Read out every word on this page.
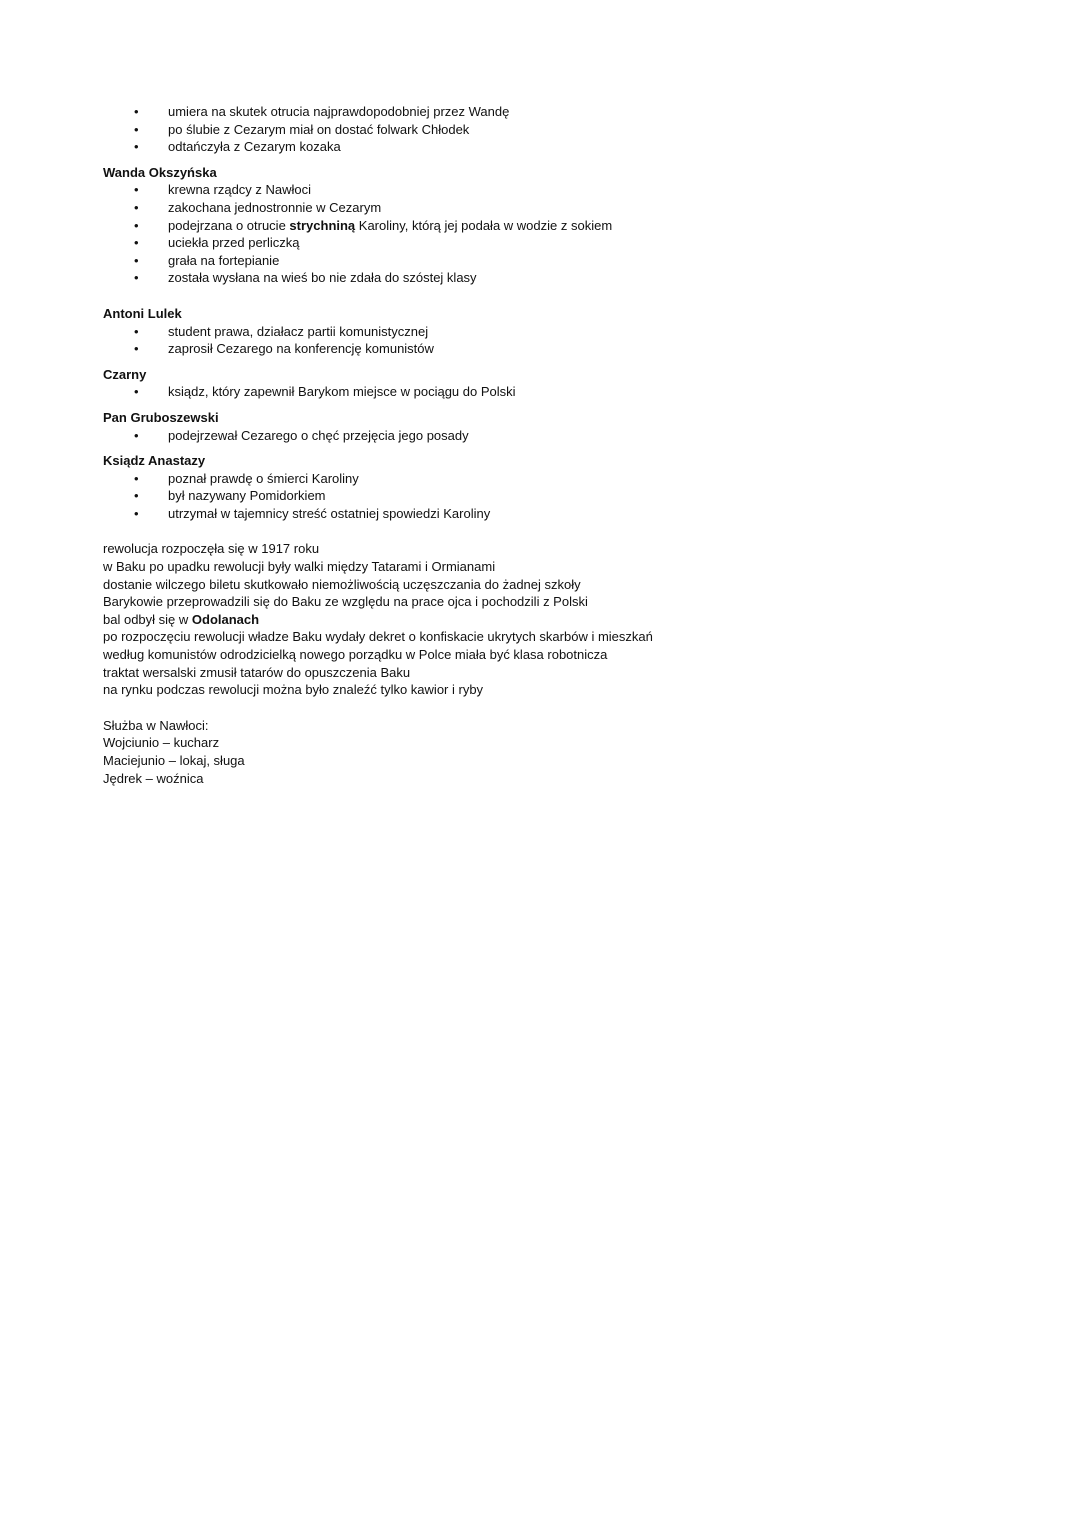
• umiera na skutek otrucia najprawdopodobniej przez Wandę
• po ślubie z Cezarym miał on dostać folwark Chłodek
• odtańczyła z Cezarym kozaka
Wanda Okszyńska
• krewna rządcy z Nawłoci
• zakochana jednostronnie w Cezarym
• podejrzana o otrucie strychniną Karoliny, którą jej podała w wodzie z sokiem
• uciekła przed perliczką
• grała na fortepianie
• została wysłana na wieś bo nie zdała do szóstej klasy
Antoni Lulek
• student prawa, działacz partii komunistycznej
• zaprosił Cezarego na konferencję komunistów
Czarny
• ksiądz, który zapewnił Barykom miejsce w pociągu do Polski
Pan Gruboszewski
• podejrzewał Cezarego o chęć przejęcia jego posady
Ksiądz Anastazy
• poznał prawdę o śmierci Karoliny
• był nazywany Pomidorkiem
• utrzymał w tajemnicy streść ostatniej spowiedzi Karoliny
rewolucja rozpoczęła się w 1917 roku
w Baku po upadku rewolucji były walki między Tatarami i Ormianami
dostanie wilczego biletu skutkowało niemożliwością uczęszczania do żadnej szkoły
Barykowie przeprowadzili się do Baku ze względu na prace ojca i pochodzili z Polski
bal odbył się w Odolanach
po rozpoczęciu rewolucji władze Baku wydały dekret o konfiskacie ukrytych skarbów i mieszkań
według komunistów odrodzicielką nowego porządku w Polce miała być klasa robotnicza
traktat wersalski zmusił tatarów do opuszczenia Baku
na rynku podczas rewolucji można było znaleźć tylko kawior i ryby
Służba w Nawłoci:
Wojciunio – kucharz
Maciejunio – lokaj, sługa
Jędrek – woźnica
